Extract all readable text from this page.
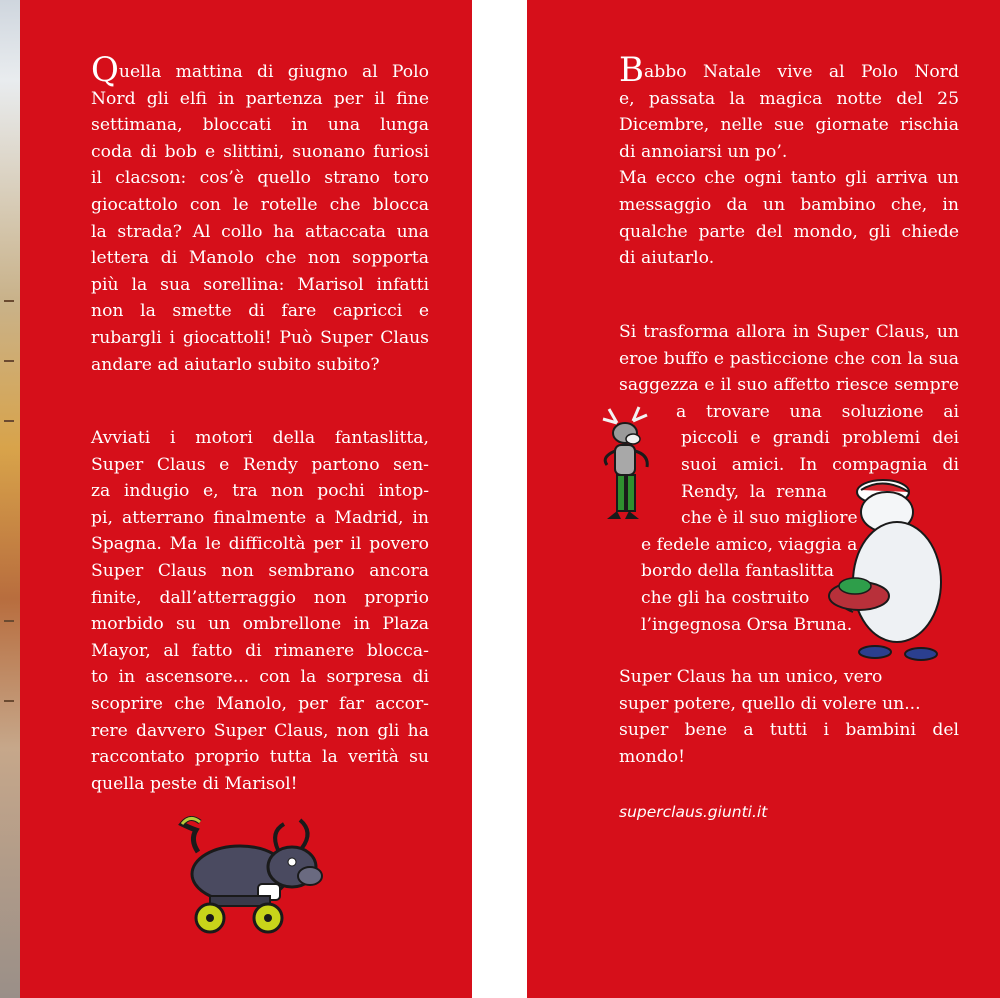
Quella mattina di giugno al Polo
Nord gli elfi in partenza per il fine
settimana, bloccati in una lunga
coda di bob e slittini, suonano furiosi
il clacson: cos’è quello strano toro
giocattolo con le rotelle che blocca
la strada? Al collo ha attaccata una
lettera di Manolo che non sopporta
più la sua sorellina: Marisol infatti
non la smette di fare capricci e
rubargli i giocattoli! Può Super Claus
andare ad aiutarlo subito subito?
Avviati i motori della fantaslitta,
Super Claus e Rendy partono sen-
za indugio e, tra non pochi intop-
pi, atterrano finalmente a Madrid, in
Spagna. Ma le difficoltà per il povero
Super Claus non sembrano ancora
finite, dall’atterraggio non proprio
morbido su un ombrellone in Plaza
Mayor, al fatto di rimanere blocca-
to in ascensore... con la sorpresa di
scoprire che Manolo, per far accor-
rere davvero Super Claus, non gli ha
raccontato proprio tutta la verità su
quella peste di Marisol!
Babbo Natale vive al Polo Nord
e, passata la magica notte del 25
Dicembre, nelle sue giornate rischia
di annoiarsi un po’.
Ma ecco che ogni tanto gli arriva un
messaggio da un bambino che, in
qualche parte del mondo, gli chiede
di aiutarlo.
Si trasforma allora in Super Claus, un
eroe buffo e pasticcione che con la sua
saggezza e il suo affetto riesce sempre
a trovare una soluzione ai
piccoli e grandi problemi dei
suoi amici. In compagnia di
Rendy, la renna
che è il suo migliore
e fedele amico, viaggia a
bordo della fantaslitta
che gli ha costruito
l’ingegnosa Orsa Bruna.
Super Claus ha un unico, vero
super potere, quello di volere un...
super bene a tutti i bambini del
mondo!
superclaus.giunti.it
